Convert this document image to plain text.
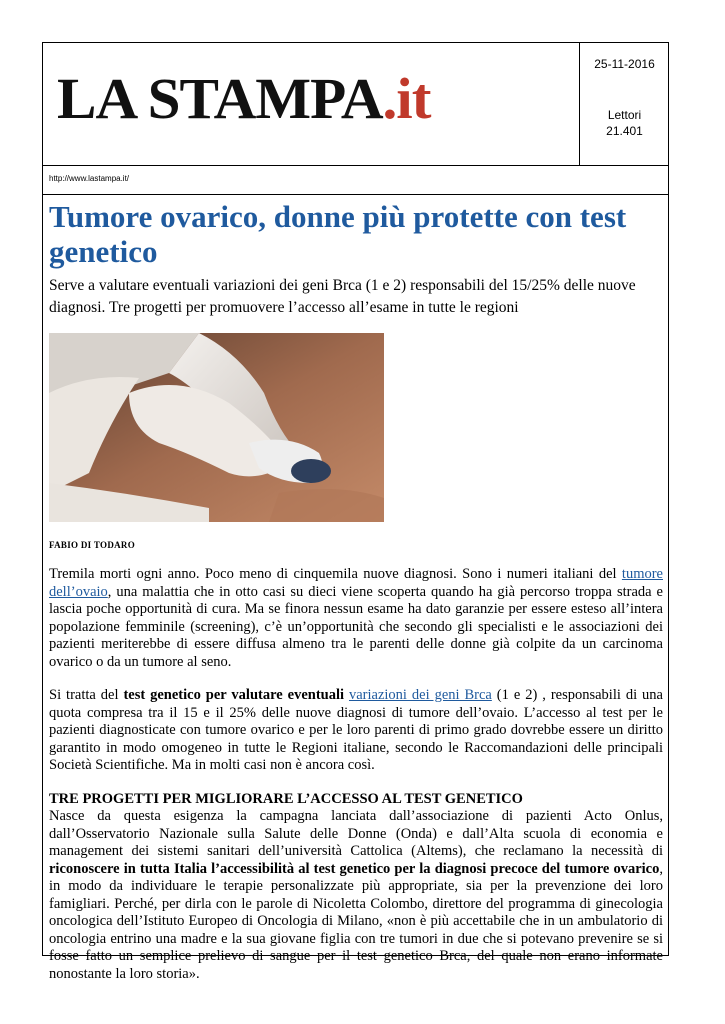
LA STAMPA.it
25-11-2016
Lettori
21.401
http://www.lastampa.it/
Tumore ovarico, donne più protette con test genetico

Serve a valutare eventuali variazioni dei geni Brca (1 e 2) responsabili del 15/25% delle nuove diagnosi. Tre progetti per promuovere l’accesso all’esame in tutte le regioni

FABIO DI TODARO

Tremila morti ogni anno. Poco meno di cinquemila nuove diagnosi. Sono i numeri italiani del tumore dell’ovaio, una malattia che in otto casi su dieci viene scoperta quando ha già percorso troppa strada e lascia poche opportunità di cura. Ma se finora nessun esame ha dato garanzie per essere esteso all’intera popolazione femminile (screening), c’è un’opportunità che secondo gli specialisti e le associazioni dei pazienti meriterebbe di essere diffusa almeno tra le parenti delle donne già colpite da un carcinoma ovarico o da un tumore al seno.

Si tratta del test genetico per valutare eventuali variazioni dei geni Brca (1 e 2) , responsabili di una quota compresa tra il 15 e il 25% delle nuove diagnosi di tumore dell’ovaio. L’accesso al test per le pazienti diagnosticate con tumore ovarico e per le loro parenti di primo grado dovrebbe essere un diritto garantito in modo omogeneo in tutte le Regioni italiane, secondo le Raccomandazioni delle principali Società Scientifiche. Ma in molti casi non è ancora così.

TRE PROGETTI PER MIGLIORARE L’ACCESSO AL TEST GENETICO

Nasce da questa esigenza la campagna lanciata dall’associazione di pazienti Acto Onlus, dall’Osservatorio Nazionale sulla Salute delle Donne (Onda) e dall’Alta scuola di economia e management dei sistemi sanitari dell’università Cattolica (Altems), che reclamano la necessità di riconoscere in tutta Italia l’accessibilità al test genetico per la diagnosi precoce del tumore ovarico, in modo da individuare le terapie personalizzate più appropriate, sia per la prevenzione dei loro famigliari. Perché, per dirla con le parole di Nicoletta Colombo, direttore del programma di ginecologia oncologica dell’Istituto Europeo di Oncologia di Milano, «non è più accettabile che in un ambulatorio di oncologia entrino una madre e la sua giovane figlia con tre tumori in due che si potevano prevenire se si fosse fatto un semplice prelievo di sangue per il test genetico Brca, del quale non erano informate nonostante la loro storia».
